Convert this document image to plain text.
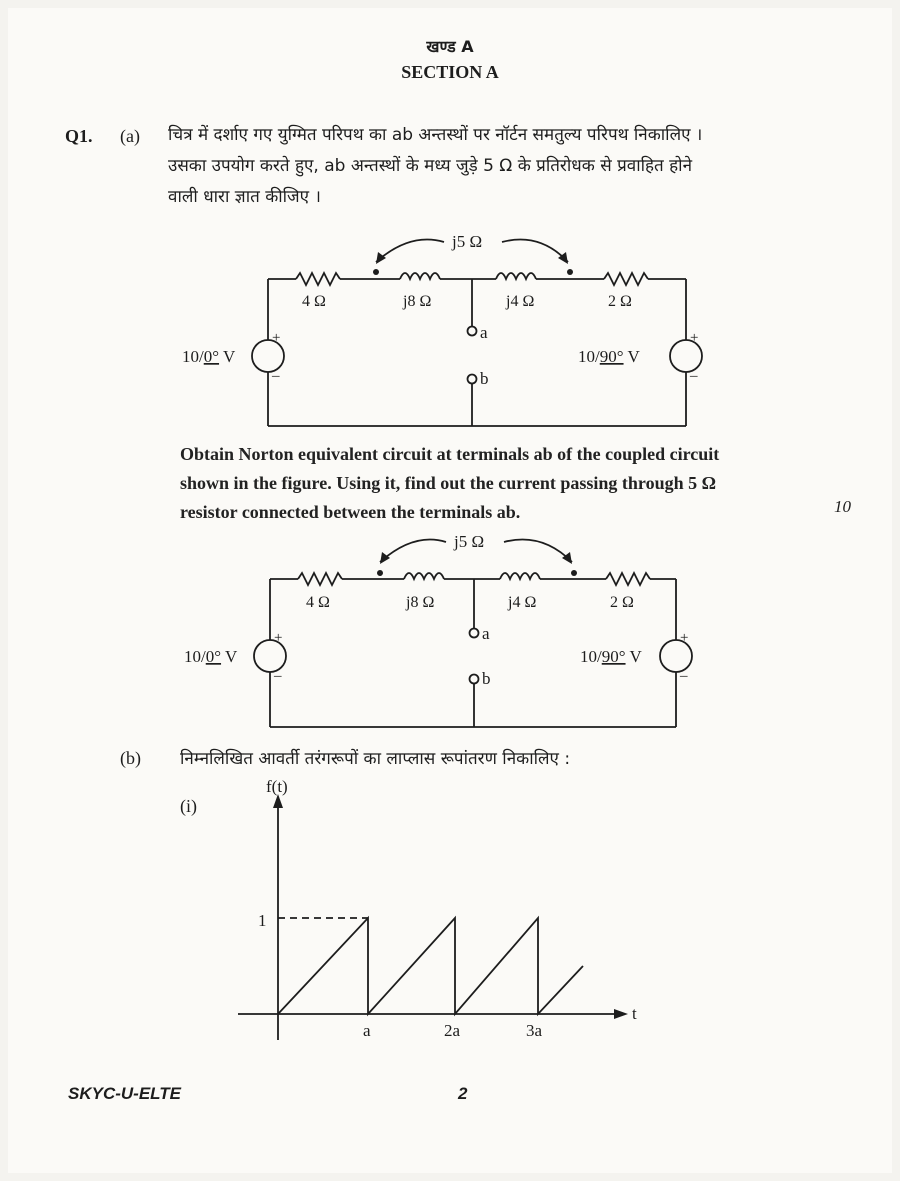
खण्ड A
SECTION A
Q1. (a) चित्र में दर्शाए गए युग्मित परिपथ का ab अन्तस्थों पर नॉर्टन समतुल्य परिपथ निकालिए ।
उसका उपयोग करते हुए, ab अन्तस्थों के मध्य जुड़े 5 Ω के प्रतिरोधक से प्रवाहित होने
वाली धारा ज्ञात कीजिए ।
j5 Ω
4 Ω	j8 Ω	j4 Ω	2 Ω
a
b
+
–
+
–
10/0° V	10/90° V
Obtain Norton equivalent circuit at terminals ab of the coupled circuit
shown in the figure. Using it, find out the current passing through 5 Ω
resistor connected between the terminals ab.	10
j5 Ω
4 Ω	j8 Ω	j4 Ω	2 Ω
a
b
+
–
+
–
10/0° V	10/90° V
(b) निम्नलिखित आवर्ती तरंगरूपों का लाप्लास रूपांतरण निकालिए :
(i)
f(t)
t
1
a	2a	3a
SKYC-U-ELTE	2
